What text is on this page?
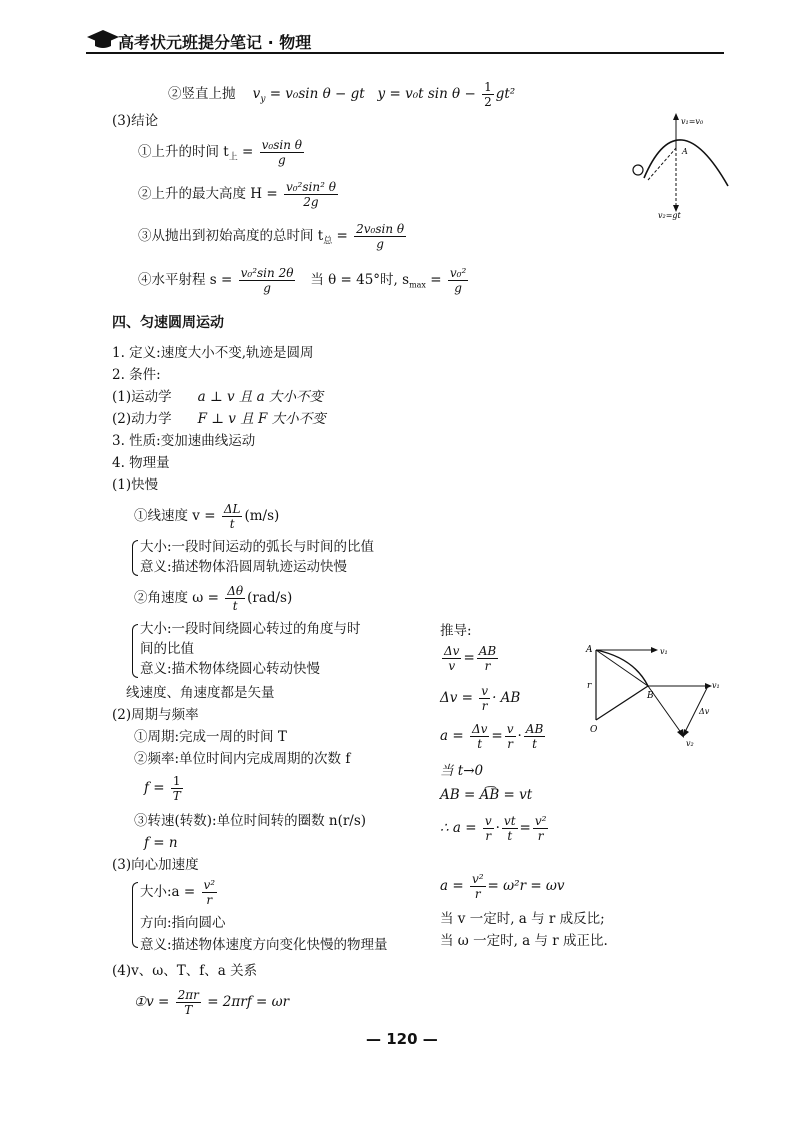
高考状元班提分笔记 · 物理
②竖直上抛 $v_y = v_0\sin$ θ − gt y = v₀t $\sin \theta - \frac{1}{2} gt^2$
(3)结论
①上升的时间 $t_上 = \frac{\text{v₀sin θ}}{g}$
②上升的最大高度 $H = \frac{\text{v₀²sin² θ}}{2g}$
③从抛出到初始高度的总时间 $t_总 = \frac{\text{2v₀sin θ}}{g}$
④水平射程 $s = \frac{\text{v₀²sin 2θ}}{g}$ 当 θ = 45°时, $s_{max} = \frac{\text{v₀²}}{g}$
v₁=v₀
A
v₂=gt
四、匀速圆周运动
1. 定义:速度大小不变,轨迹是圆周
2. 条件:
(1)运动学 a ⊥ v 且 a 大小不变
(2)动力学 F ⊥ v 且 F 大小不变
3. 性质:变加速曲线运动
4. 物理量
(1)快慢
①线速度 $v = \frac{\Delta L}{t} (m/s)$
大小:一段时间运动的弧长与时间的比值
意义:描述物体沿圆周轨迹运动快慢
②角速度 $\omega = \frac{\Delta\theta}{t} (rad/s)$
大小:一段时间绕圆心转过的角度与时
间的比值
意义:描术物体绕圆心转动快慢
线速度、角速度都是矢量
(2)周期与频率
①周期:完成一周的时间 T
②频率:单位时间内完成周期的次数 f
$f = \frac{1}{T}$
③转速(转数):单位时间转的圈数 n(r/s)
f = n
(3)向心加速度
大小:a = $\frac{\text{v²}}{r}$
方向:指向圆心
意义:描述物体速度方向变化快慢的物理量
(4)v、ω、T、f、a 关系
①v = $\frac{2\pi r}{T} = 2\pi rf = \omega r$
推导:
$\frac{\Delta v}{v} = \frac{AB}{r}$
$\Delta v = \frac{v}{r}$ · AB
$a = \frac{\Delta v}{t} = \frac{v}{r} \cdot \frac{AB}{t}$
当 t→0
AB = A͡B = vt
∴ $a = \frac{v}{r} \cdot \frac{vt}{t} = \frac{\text{v²}}{r}$
$a = \frac{\text{v²}}{r} = \omega^2r = \omega v$
当 v 一定时, a 与 r 成反比;
当 ω 一定时, a 与 r 成正比.
A
B
O
r
v₁
v₁
v₂
Δv
— 120 —
